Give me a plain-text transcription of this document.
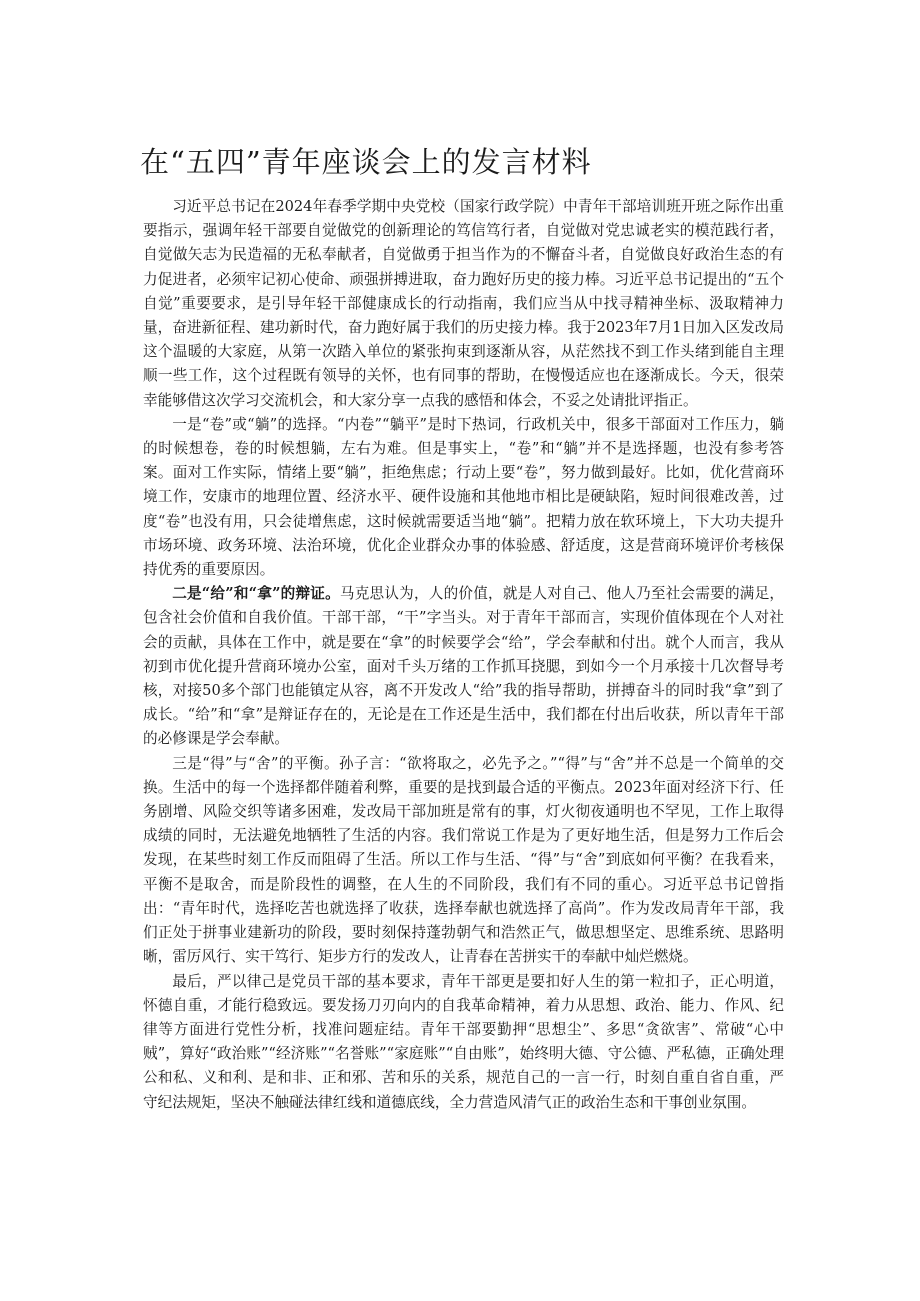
在“五四”青年座谈会上的发言材料

习近平总书记在2024年春季学期中央党校（国家行政学院）中青年干部培训班开班之际作出重要指示，强调年轻干部要自觉做党的创新理论的笃信笃行者，自觉做对党忠诚老实的模范践行者，自觉做矢志为民造福的无私奉献者，自觉做勇于担当作为的不懈奋斗者，自觉做良好政治生态的有力促进者，必须牢记初心使命、顽强拼搏进取，奋力跑好历史的接力棒。习近平总书记提出的“五个自觉”重要要求，是引导年轻干部健康成长的行动指南，我们应当从中找寻精神坐标、汲取精神力量，奋进新征程、建功新时代，奋力跑好属于我们的历史接力棒。我于2023年7月1日加入区发改局这个温暖的大家庭，从第一次踏入单位的紧张拘束到逐渐从容，从茫然找不到工作头绪到能自主理顺一些工作，这个过程既有领导的关怀，也有同事的帮助，在慢慢适应也在逐渐成长。今天，很荣幸能够借这次学习交流机会，和大家分享一点我的感悟和体会，不妥之处请批评指正。

一是“卷”或“躺”的选择。“内卷”“躺平”是时下热词，行政机关中，很多干部面对工作压力，躺的时候想卷，卷的时候想躺，左右为难。但是事实上，“卷”和“躺”并不是选择题，也没有参考答案。面对工作实际，情绪上要“躺”，拒绝焦虑；行动上要“卷”，努力做到最好。比如，优化营商环境工作，安康市的地理位置、经济水平、硬件设施和其他地市相比是硬缺陷，短时间很难改善，过度“卷”也没有用，只会徒增焦虑，这时候就需要适当地“躺”。把精力放在软环境上，下大功夫提升市场环境、政务环境、法治环境，优化企业群众办事的体验感、舒适度，这是营商环境评价考核保持优秀的重要原因。

二是“给”和“拿”的辩证。马克思认为，人的价值，就是人对自己、他人乃至社会需要的满足，包含社会价值和自我价值。干部干部，“干”字当头。对于青年干部而言，实现价值体现在个人对社会的贡献，具体在工作中，就是要在“拿”的时候要学会“给”，学会奉献和付出。就个人而言，我从初到市优化提升营商环境办公室，面对千头万绪的工作抓耳挠腮，到如今一个月承接十几次督导考核，对接50多个部门也能镇定从容，离不开发改人“给”我的指导帮助，拼搏奋斗的同时我“拿”到了成长。“给”和“拿”是辩证存在的，无论是在工作还是生活中，我们都在付出后收获，所以青年干部的必修课是学会奉献。

三是“得”与“舍”的平衡。孙子言：“欲将取之，必先予之。”“得”与“舍”并不总是一个简单的交换。生活中的每一个选择都伴随着利弊，重要的是找到最合适的平衡点。2023年面对经济下行、任务剧增、风险交织等诸多困难，发改局干部加班是常有的事，灯火彻夜通明也不罕见，工作上取得成绩的同时，无法避免地牺牲了生活的内容。我们常说工作是为了更好地生活，但是努力工作后会发现，在某些时刻工作反而阻碍了生活。所以工作与生活、“得”与“舍”到底如何平衡？在我看来，平衡不是取舍，而是阶段性的调整，在人生的不同阶段，我们有不同的重心。习近平总书记曾指出：“青年时代，选择吃苦也就选择了收获，选择奉献也就选择了高尚”。作为发改局青年干部，我们正处于拼事业建新功的阶段，要时刻保持蓬勃朝气和浩然正气，做思想坚定、思维系统、思路明晰，雷厉风行、实干笃行、矩步方行的发改人，让青春在苦拼实干的奉献中灿烂燃烧。

最后，严以律己是党员干部的基本要求，青年干部更是要扣好人生的第一粒扣子，正心明道，怀德自重，才能行稳致远。要发扬刀刃向内的自我革命精神，着力从思想、政治、能力、作风、纪律等方面进行党性分析，找准问题症结。青年干部要勤押“思想尘”、多思“贪欲害”、常破“心中贼”，算好“政治账”“经济账”“名誉账”“家庭账”“自由账”，始终明大德、守公德、严私德，正确处理公和私、义和利、是和非、正和邪、苦和乐的关系，规范自己的一言一行，时刻自重自省自重，严守纪法规矩，坚决不触碰法律红线和道德底线，全力营造风清气正的政治生态和干事创业氛围。
